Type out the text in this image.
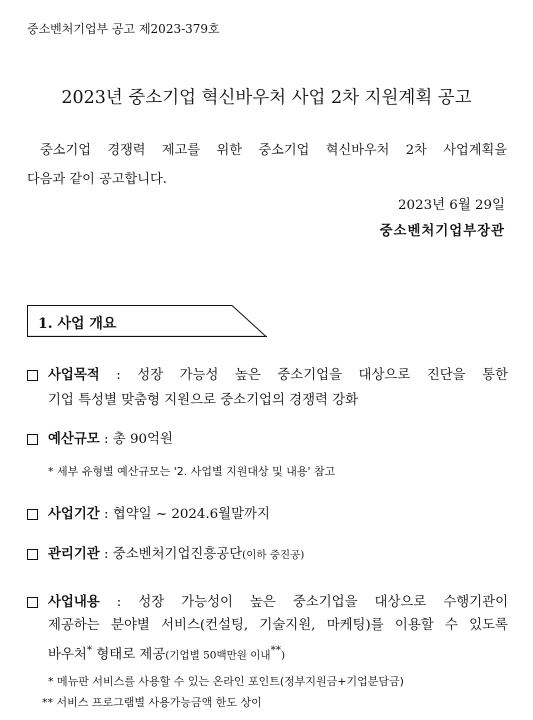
중소벤처기업부 공고 제2023-379호
2023년 중소기업 혁신바우처 사업 2차 지원계획 공고
중소기업 경쟁력 제고를 위한 중소기업 혁신바우처 2차 사업계획을
다음과 같이 공고합니다.
2023년 6월 29일
중소벤처기업부장관
1. 사업 개요
사업목적 : 성장 가능성 높은 중소기업을 대상으로 진단을 통한
기업 특성별 맞춤형 지원으로 중소기업의 경쟁력 강화
예산규모 : 총 90억원
* 세부 유형별 예산규모는 '2. 사업별 지원대상 및 내용' 참고
사업기간 : 협약일 ~ 2024.6월말까지
관리기관 : 중소벤처기업진흥공단(이하 중진공)
사업내용 : 성장 가능성이 높은 중소기업을 대상으로 수행기관이
제공하는 분야별 서비스(컨설팅, 기술지원, 마케팅)를 이용할 수 있도록
바우처* 형태로 제공(기업별 50백만원 이내**)
* 메뉴판 서비스를 사용할 수 있는 온라인 포인트(정부지원금+기업분담금)
** 서비스 프로그램별 사용가능금액 한도 상이
